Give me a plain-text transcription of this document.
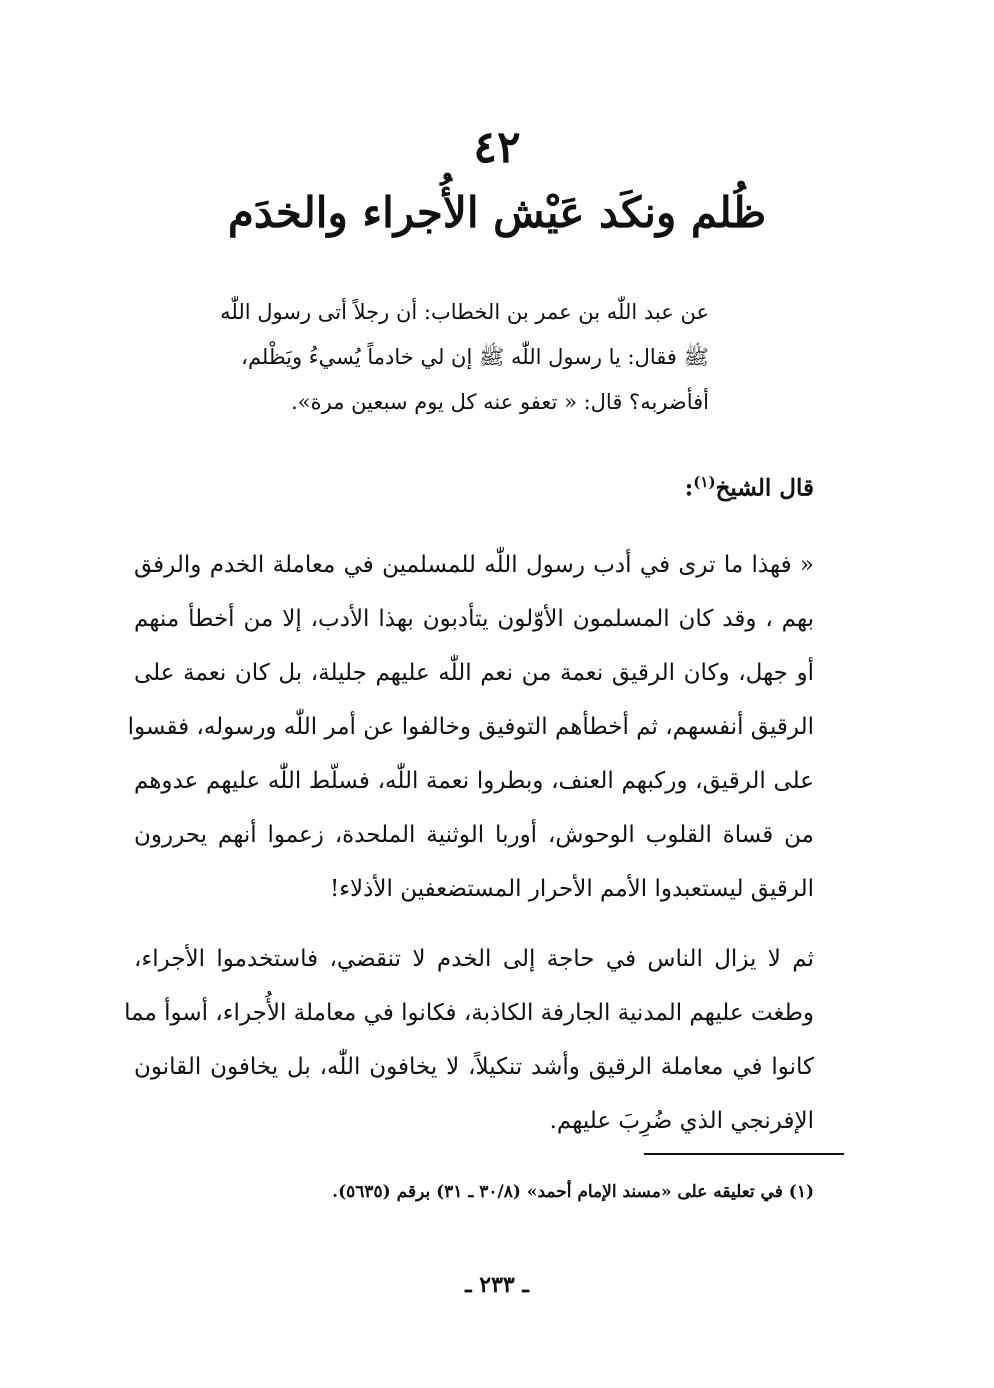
٤٢
ظُلم ونكَد عَيْش الأُجراء والخدَم
عن عبد اللّٰه بن عمر بن الخطاب: أن رجلاً أتى رسول اللّٰه
ﷺ فقال: يا رسول اللّٰه ﷺ إن لي خادماً يُسيءُ ويَظْلم،
أفأضربه؟ قال: « تعفو عنه كل يوم سبعين مرة».
قال الشيخ$^{(١)}$:
« فهذا ما ترى في أدب رسول اللّٰه للمسلمين في معاملة الخدم والرفق
بهم ، وقد كان المسلمون الأوّلون يتأدبون بهذا الأدب، إلا من أخطأ منهم
أو جهل، وكان الرقيق نعمة من نعم اللّٰه عليهم جليلة، بل كان نعمة على
الرقيق أنفسهم، ثم أخطأهم التوفيق وخالفوا عن أمر اللّٰه ورسوله، فقسوا
على الرقيق، وركبهم العنف، وبطروا نعمة اللّٰه، فسلّط اللّٰه عليهم عدوهم
من قساة القلوب الوحوش، أوربا الوثنية الملحدة، زعموا أنهم يحررون
الرقيق ليستعبدوا الأمم الأحرار المستضعفين الأذلاء!
ثم لا يزال الناس في حاجة إلى الخدم لا تنقضي، فاستخدموا الأجراء،
وطغت عليهم المدنية الجارفة الكاذبة، فكانوا في معاملة الأُجراء، أسوأ مما
كانوا في معاملة الرقيق وأشد تنكيلاً، لا يخافون اللّٰه، بل يخافون القانون
الإفرنجي الذي ضُرِبَ عليهم.
(١) في تعليقه على «مسند الإمام أحمد» (٣٠/٨ ـ ٣١) برقم (٥٦٣٥).
ـ ٢٣٣ ـ
